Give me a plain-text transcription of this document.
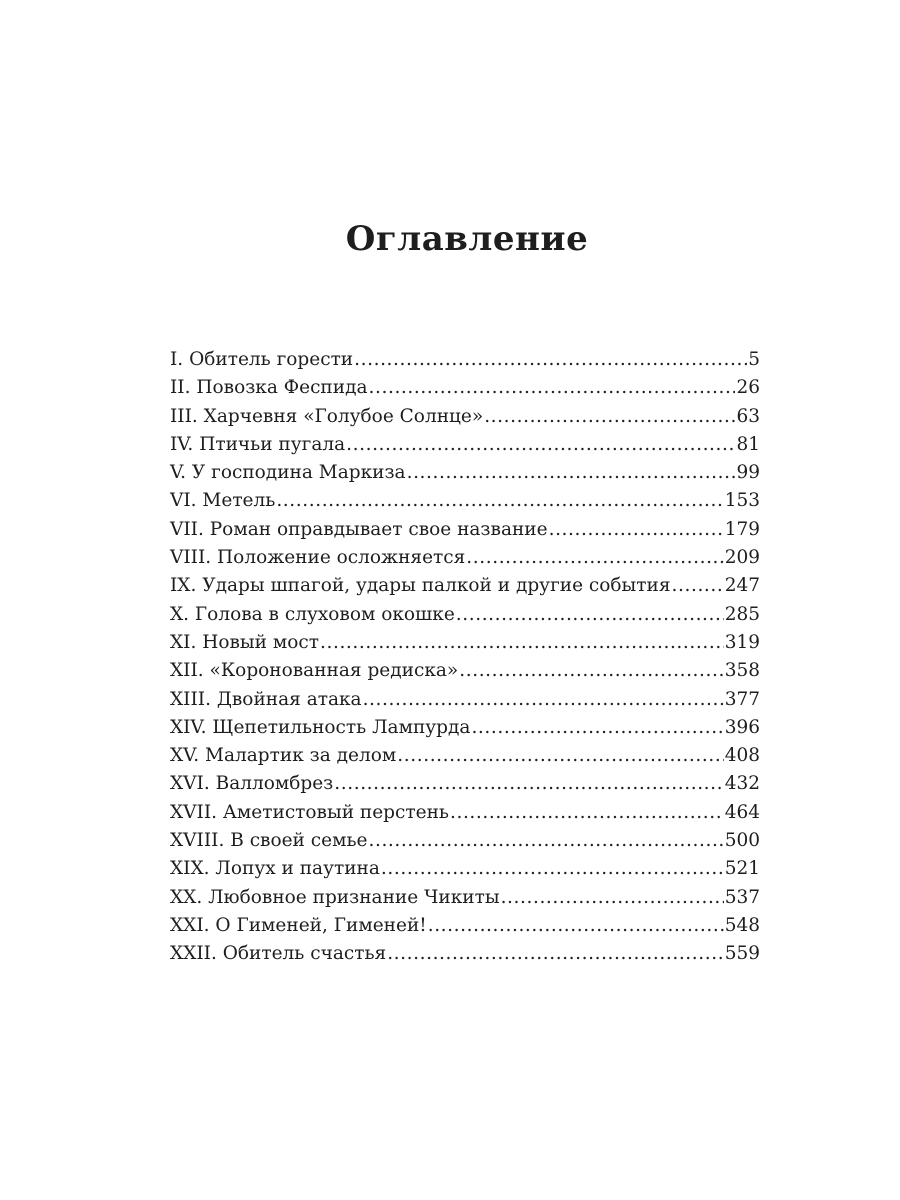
Оглавление
I. Обитель горести .....	5
II. Повозка Феспида .....	26
III. Харчевня «Голубое Солнце» .....	63
IV. Птичьи пугала .....	81
V. У господина Маркиза .....	99
VI. Метель .....	153
VII. Роман оправдывает свое название .....	179
VIII. Положение осложняется .....	209
IX. Удары шпагой, удары палкой и другие события .....	247
X. Голова в слуховом окошке .....	285
XI. Новый мост .....	319
XII. «Коронованная редиска» .....	358
XIII. Двойная атака .....	377
XIV. Щепетильность Лампурда .....	396
XV. Малартик за делом .....	408
XVI. Валломбрез .....	432
XVII. Аметистовый перстень .....	464
XVIII. В своей семье .....	500
XIX. Лопух и паутина .....	521
XX. Любовное признание Чикиты .....	537
XXI. О Гименей, Гименей! .....	548
XXII. Обитель счастья .....	559
